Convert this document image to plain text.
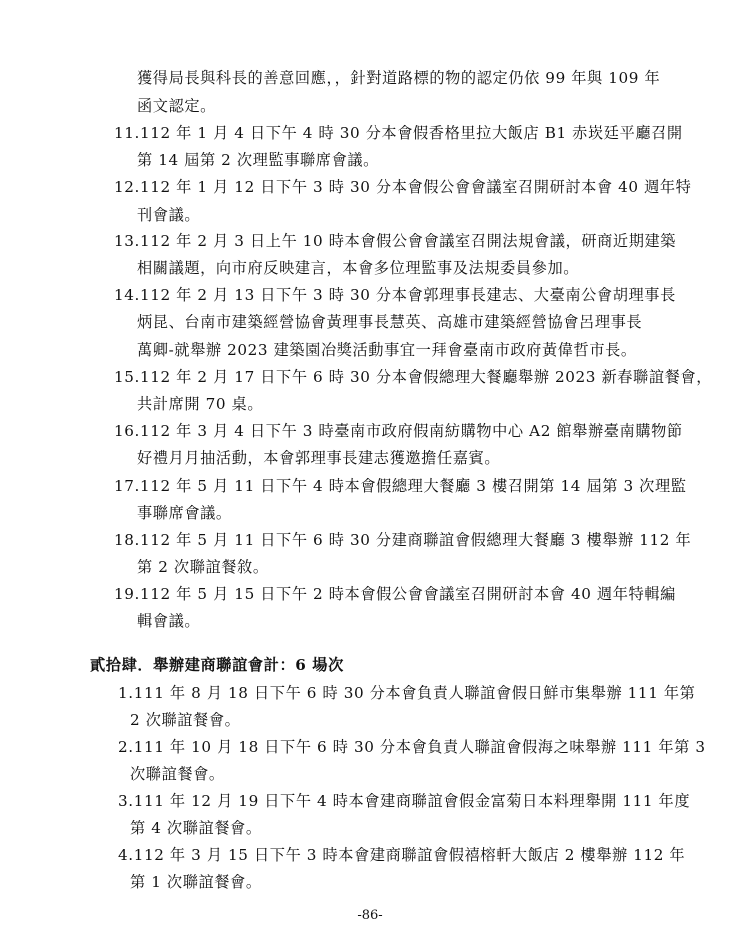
獲得局長與科長的善意回應，，針對道路標的物的認定仍依 99 年與 109 年
函文認定。
11.112 年 1 月 4 日下午 4 時 30 分本會假香格里拉大飯店 B1 赤崁廷平廳召開
第 14 屆第 2 次理監事聯席會議。
12.112 年 1 月 12 日下午 3 時 30 分本會假公會會議室召開研討本會 40 週年特
刊會議。
13.112 年 2 月 3 日上午 10 時本會假公會會議室召開法規會議，研商近期建築
相關議題，向市府反映建言，本會多位理監事及法規委員參加。
14.112 年 2 月 13 日下午 3 時 30 分本會郭理事長建志、大臺南公會胡理事長
炳昆、台南市建築經營協會黃理事長慧英、高雄市建築經營協會呂理事長
萬卿-就舉辦 2023 建築園冶獎活動事宜一拜會臺南市政府黃偉哲市長。
15.112 年 2 月 17 日下午 6 時 30 分本會假總理大餐廳舉辦 2023 新春聯誼餐會，
共計席開 70 桌。
16.112 年 3 月 4 日下午 3 時臺南市政府假南紡購物中心 A2 館舉辦臺南購物節
好禮月月抽活動，本會郭理事長建志獲邀擔任嘉賓。
17.112 年 5 月 11 日下午 4 時本會假總理大餐廳 3 樓召開第 14 屆第 3 次理監
事聯席會議。
18.112 年 5 月 11 日下午 6 時 30 分建商聯誼會假總理大餐廳 3 樓舉辦 112 年
第 2 次聯誼餐敘。
19.112 年 5 月 15 日下午 2 時本會假公會會議室召開研討本會 40 週年特輯編
輯會議。
貳拾肆．舉辦建商聯誼會計：6 場次
1.111 年 8 月 18 日下午 6 時 30 分本會負責人聯誼會假日鮮市集舉辦 111 年第
2 次聯誼餐會。
2.111 年 10 月 18 日下午 6 時 30 分本會負責人聯誼會假海之味舉辦 111 年第 3
次聯誼餐會。
3.111 年 12 月 19 日下午 4 時本會建商聯誼會假金富菊日本料理舉開 111 年度
第 4 次聯誼餐會。
4.112 年 3 月 15 日下午 3 時本會建商聯誼會假禧榕軒大飯店 2 樓舉辦 112 年
第 1 次聯誼餐會。
-86-
